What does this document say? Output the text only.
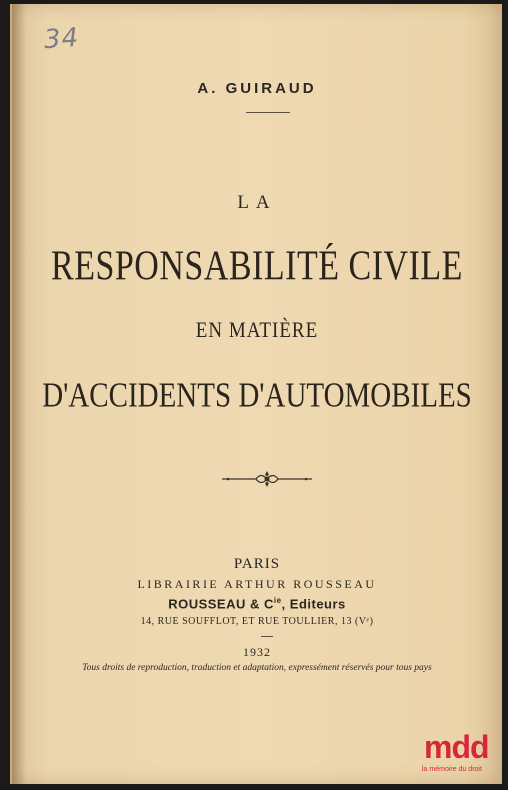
34
A. GUIRAUD
LA
RESPONSABILITÉ CIVILE
EN MATIÈRE
D'ACCIDENTS D'AUTOMOBILES
PARIS
LIBRAIRIE ARTHUR ROUSSEAU
ROUSSEAU & $C^{ie}$, Editeurs
14, RUE SOUFFLOT, ET RUE TOULLIER, 13 (Vᵉ)
1932
Tous droits de reproduction, traduction et adaptation, expressément réservés pour tous pays
mdd
la mémoire du droit
